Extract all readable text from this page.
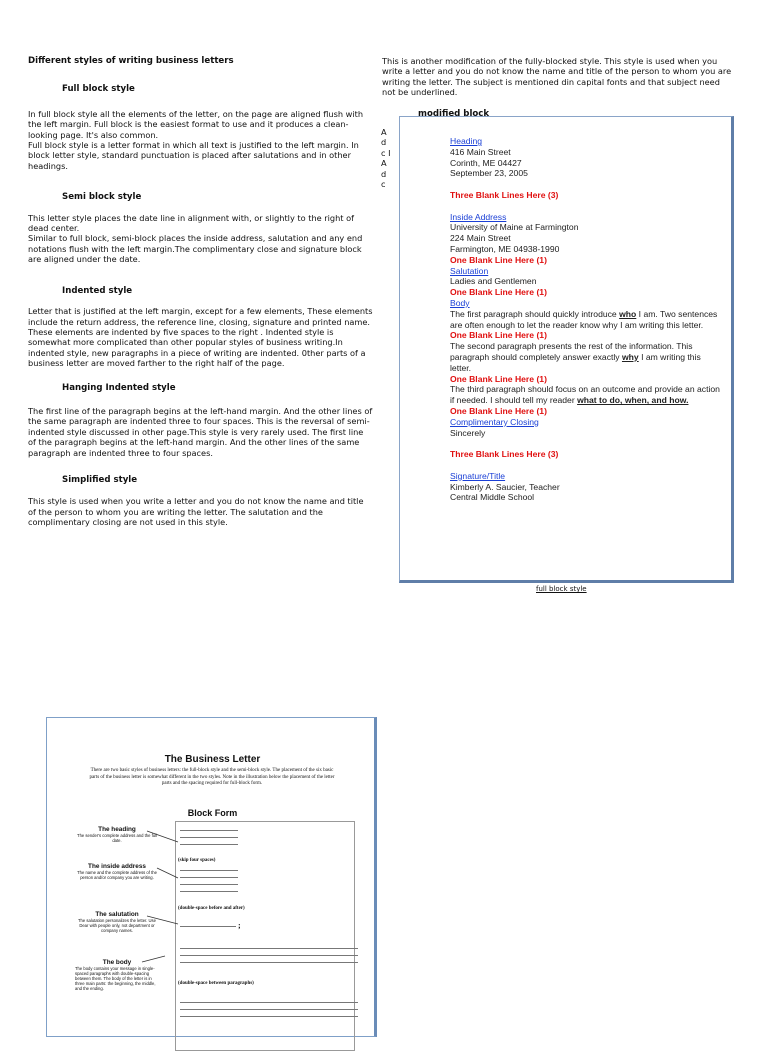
Different styles of writing business letters

Full block style

In full block style all the elements of the letter, on the page are aligned flush with the left margin. Full block is the easiest format to use and it produces a clean-looking page. It's also common.
Full block style is a letter format in which all text is justified to the left margin. In block letter style, standard punctuation is placed after salutations and in other headings.

Semi block style

This letter style places the date line in alignment with, or slightly to the right of dead center.
Similar to full block, semi-block places the inside address, salutation and any end notations flush with the left margin.The complimentary close and signature block are aligned under the date.

Indented style

Letter that is justified at the left margin, except for a few elements, These elements include the return address, the reference line, closing, signature and printed name. These elements are indented by five spaces to the right . Indented style is somewhat more complicated than other popular styles of business writing.In indented style, new paragraphs in a piece of writing are indented. 0ther parts of a business letter are moved farther to the right half of the page.

Hanging Indented style

The first line of the paragraph begins at the left-hand margin. And the other lines of the same paragraph are indented three to four spaces. This is the reversal of semi-indented style discussed in other page.This style is very rarely used. The first line of the paragraph begins at the left-hand margin. And the other lines of the same paragraph are indented three to four spaces.

Simplified style

This style is used when you write a letter and you do not know the name and title of the person to whom you are writing the letter. The salutation and the complimentary closing are not used in this style.

This is another modification of the fully-blocked style. This style is used when you write a letter and you do not know the name and title of the person to whom you are writing the letter. The subject is mentioned din capital fonts and that subject need not be underlined.
modified block
A d c I A d c
Heading
416 Main Street
Corinth, ME 04427
September 23, 2005
Three Blank Lines Here (3)
Inside Address
University of Maine at Farmington
224 Main Street
Farmington, ME 04938-1990
One Blank Line Here (1)
Salutation
Ladies and Gentlemen
One Blank Line Here (1)
Body
The first paragraph should quickly introduce who I am. Two sentences are often enough to let the reader know why I am writing this letter.
One Blank Line Here (1)
The second paragraph presents the rest of the information. This paragraph should completely answer exactly why I am writing this letter.
One Blank Line Here (1)
The third paragraph should focus on an outcome and provide an action if needed. I should tell my reader what to do, when, and how.
One Blank Line Here (1)
Complimentary Closing
Sincerely
Three Blank Lines Here (3)
Signature/Title
Kimberly A. Saucier, Teacher
Central Middle School
full block style
The Business Letter
There are two basic styles of business letters: the full-block style and the semi-block style. The placement of the six basic parts of the business letter is somewhat different in the two styles. Note in the illustration below the placement of the letter parts and the spacing required for full-block form.
Block Form
(skip four spaces)
(double-space before and after)
;
(double-space between paragraphs)
The heading
The sender's complete address and the full date.
The inside address
The name and the complete address of the person and/or company you are writing.
The salutation
The salutation personalizes the letter. Use Dear with people only, not department or company names.
The body
The body contains your message in single-spaced paragraphs with double-spacing between them. The body of the letter is in three main parts: the beginning, the middle, and the ending.
